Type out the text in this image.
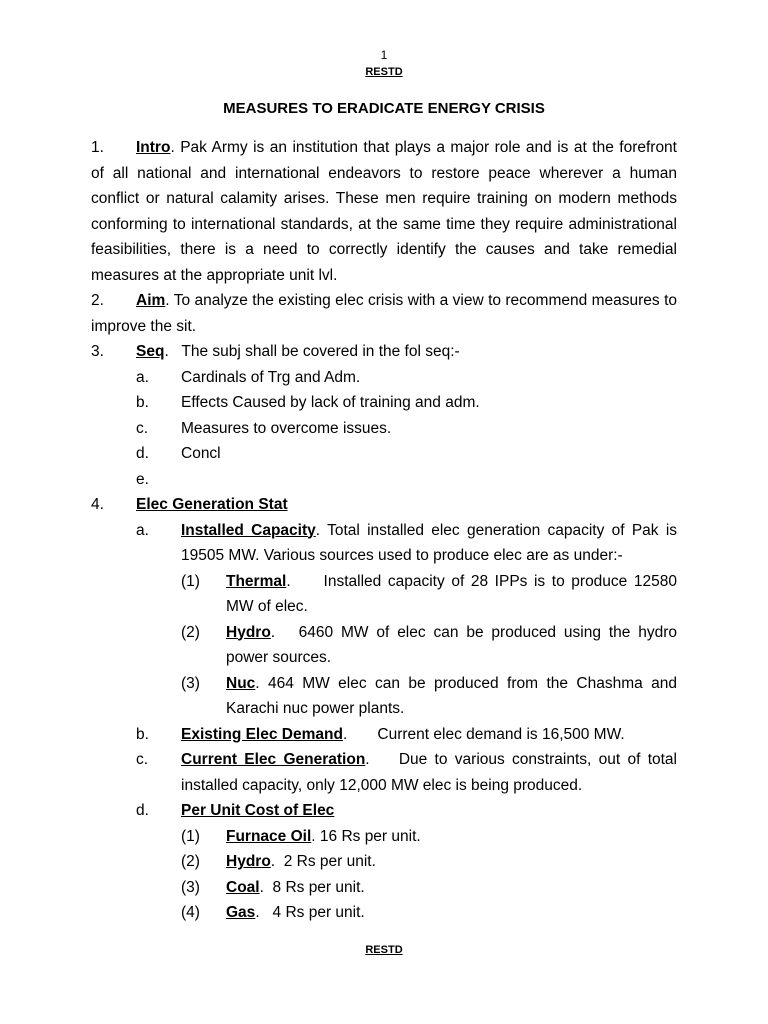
1
RESTD
MEASURES TO ERADICATE ENERGY CRISIS

1. Intro. Pak Army is an institution that plays a major role and is at the forefront of all national and international endeavors to restore peace wherever a human conflict or natural calamity arises. These men require training on modern methods conforming to international standards, at the same time they require administrational feasibilities, there is a need to correctly identify the causes and take remedial measures at the appropriate unit lvl.

2. Aim. To analyze the existing elec crisis with a view to recommend measures to improve the sit.

3.	Seq.   The subj shall be covered in the fol seq:-
a.	Cardinals of Trg and Adm.
b.	Effects Caused by lack of training and adm.
c.	Measures to overcome issues.
d.	Concl
e.
4.	Elec Generation Stat
a.	Installed Capacity. Total installed elec generation capacity of Pak is 19505 MW. Various sources used to produce elec are as under:-
(1)	Thermal.     Installed capacity of 28 IPPs is to produce 12580 MW of elec.
(2)	Hydro.   6460 MW of elec can be produced using the hydro power sources.
(3)	Nuc. 464 MW elec can be produced from the Chashma and Karachi nuc power plants.
b.	Existing Elec Demand.       Current elec demand is 16,500 MW.
c.	Current Elec Generation.    Due to various constraints, out of total installed capacity, only 12,000 MW elec is being produced.
d.	Per Unit Cost of Elec
(1)	Furnace Oil. 16 Rs per unit.
(2)	Hydro.  2 Rs per unit.
(3)	Coal.  8 Rs per unit.
(4)	Gas.   4 Rs per unit.
RESTD
